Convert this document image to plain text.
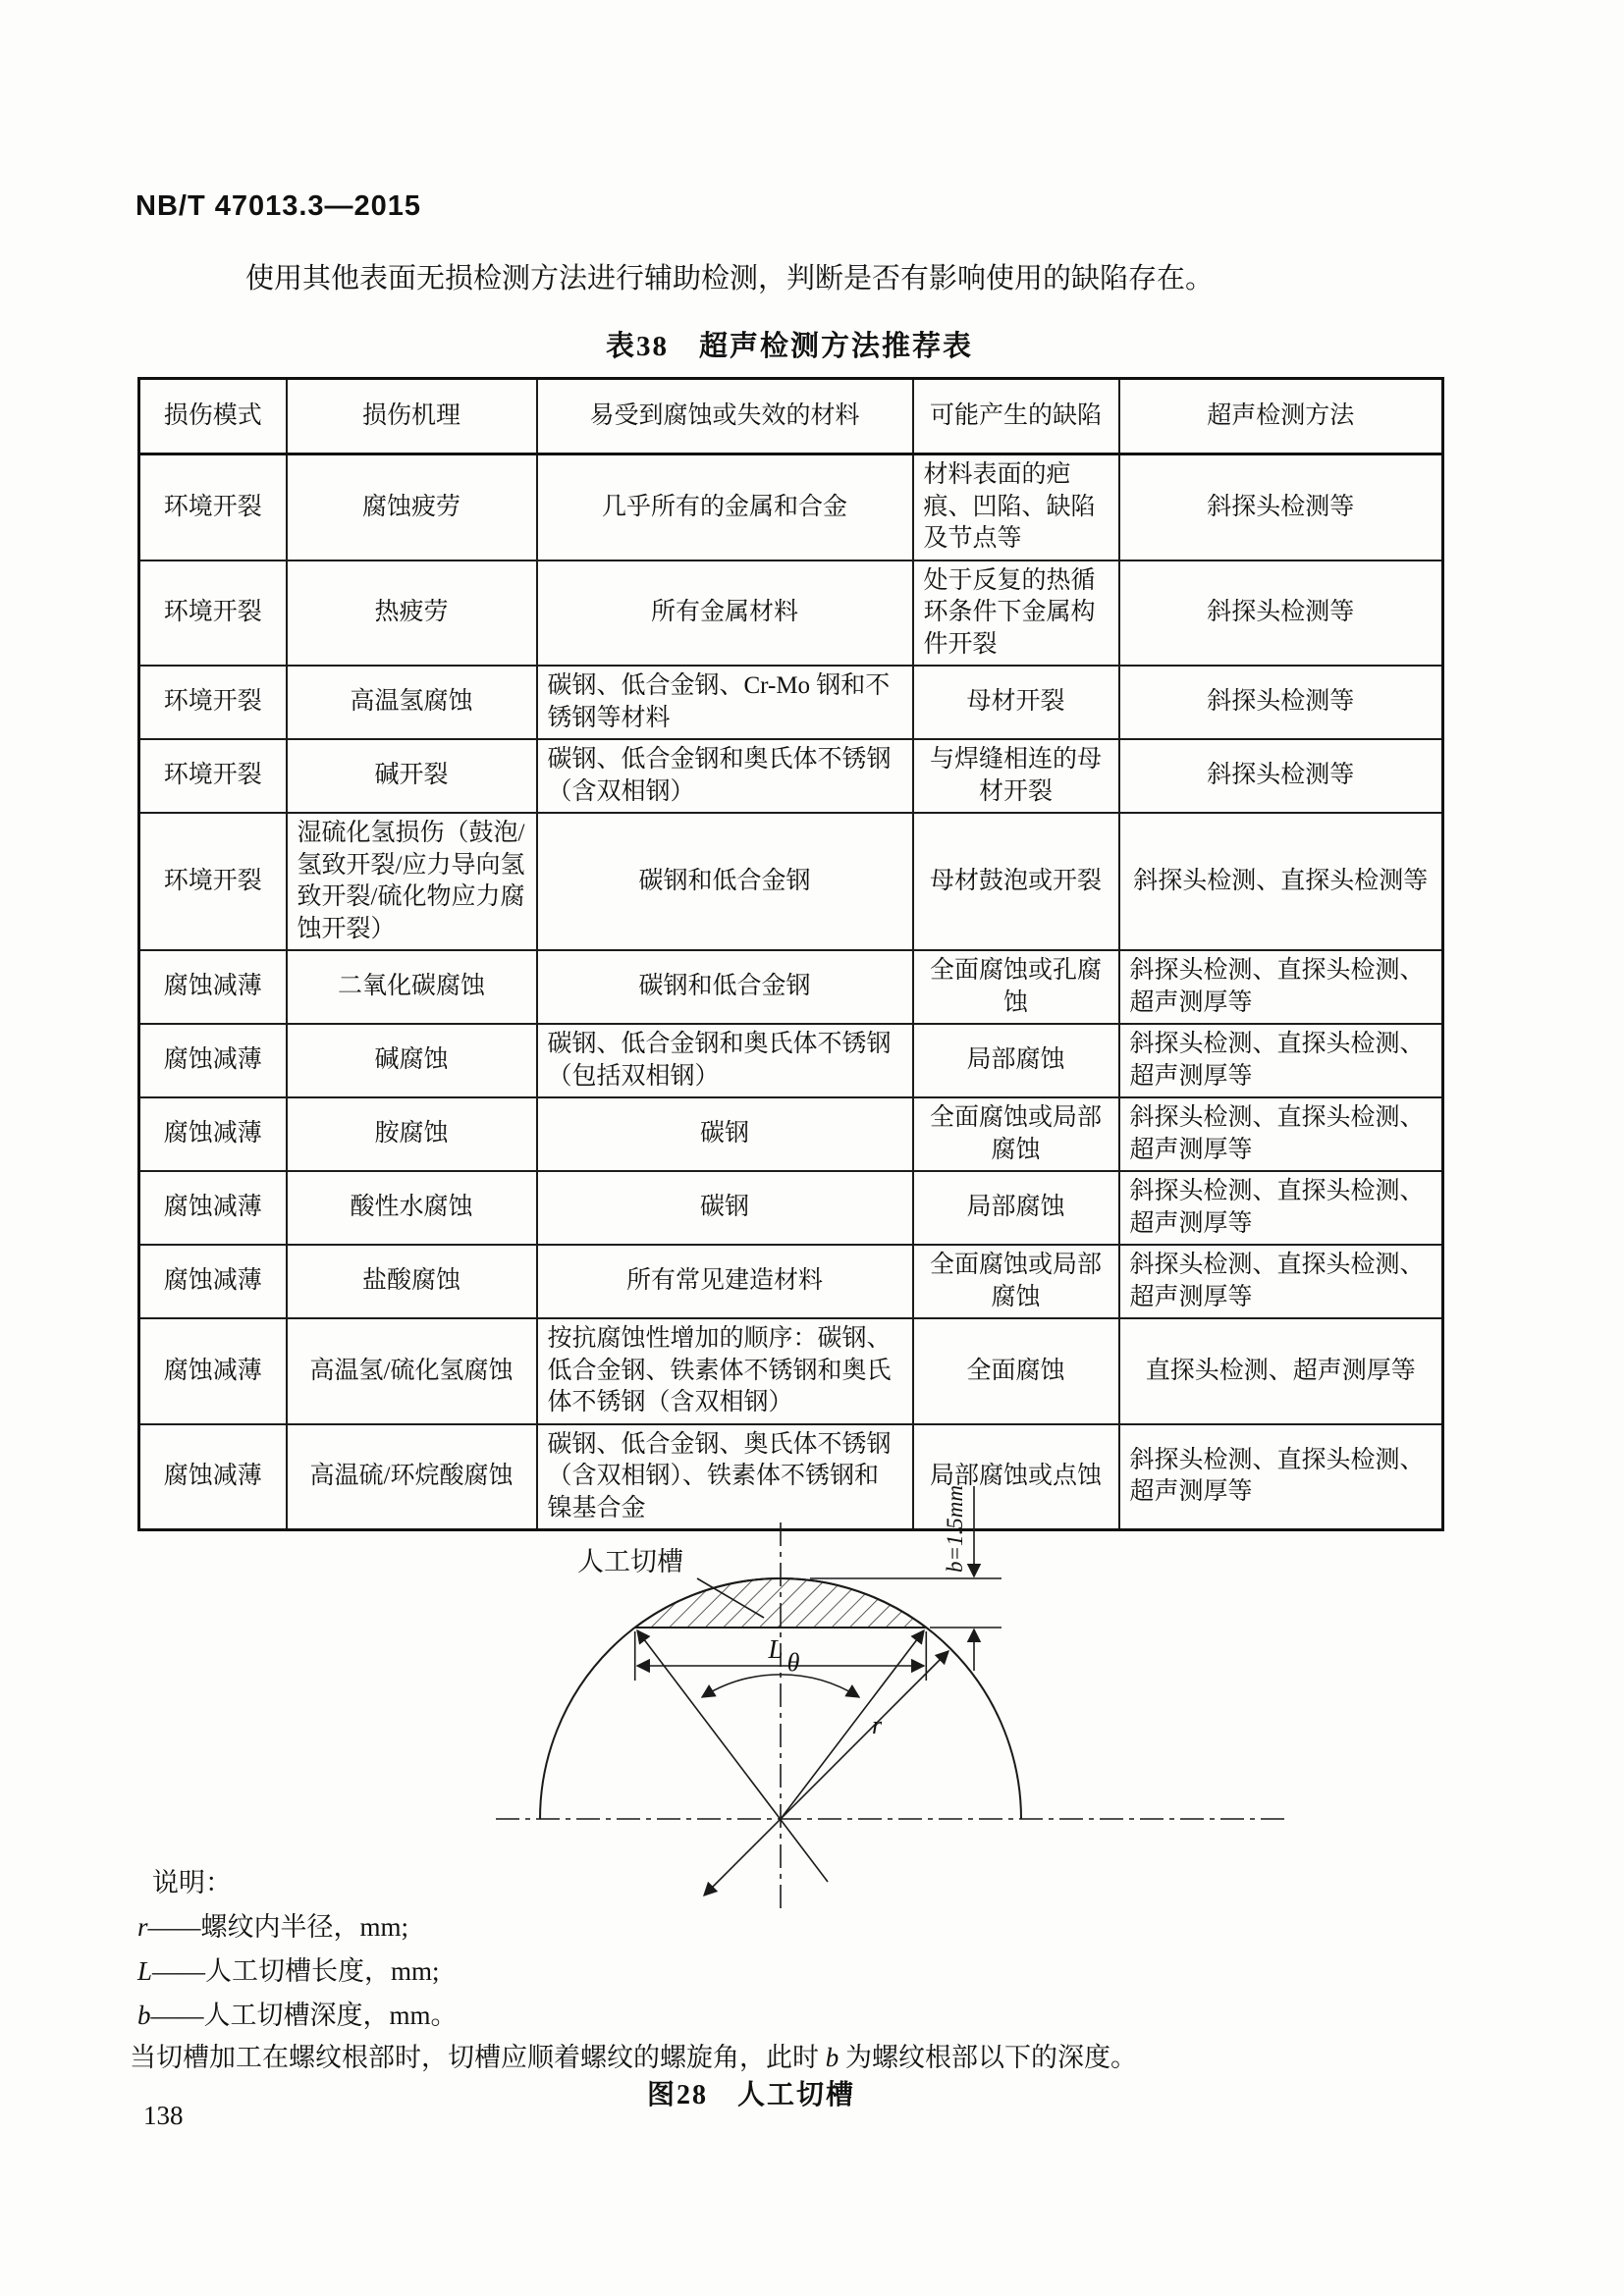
NB/T 47013.3—2015

使用其他表面无损检测方法进行辅助检测，判断是否有影响使用的缺陷存在。

表38　超声检测方法推荐表
损伤模式	损伤机理	易受到腐蚀或失效的材料	可能产生的缺陷	超声检测方法
环境开裂	腐蚀疲劳	几乎所有的金属和合金	材料表面的疤痕、凹陷、缺陷及节点等	斜探头检测等
环境开裂	热疲劳	所有金属材料	处于反复的热循环条件下金属构件开裂	斜探头检测等
环境开裂	高温氢腐蚀	碳钢、低合金钢、Cr-Mo 钢和不锈钢等材料	母材开裂	斜探头检测等
环境开裂	碱开裂	碳钢、低合金钢和奥氏体不锈钢（含双相钢）	与焊缝相连的母材开裂	斜探头检测等
环境开裂	湿硫化氢损伤（鼓泡/氢致开裂/应力导向氢致开裂/硫化物应力腐蚀开裂）	碳钢和低合金钢	母材鼓泡或开裂	斜探头检测、直探头检测等
腐蚀减薄	二氧化碳腐蚀	碳钢和低合金钢	全面腐蚀或孔腐蚀	斜探头检测、直探头检测、超声测厚等
腐蚀减薄	碱腐蚀	碳钢、低合金钢和奥氏体不锈钢（包括双相钢）	局部腐蚀	斜探头检测、直探头检测、超声测厚等
腐蚀减薄	胺腐蚀	碳钢	全面腐蚀或局部腐蚀	斜探头检测、直探头检测、超声测厚等
腐蚀减薄	酸性水腐蚀	碳钢	局部腐蚀	斜探头检测、直探头检测、超声测厚等
腐蚀减薄	盐酸腐蚀	所有常见建造材料	全面腐蚀或局部腐蚀	斜探头检测、直探头检测、超声测厚等
腐蚀减薄	高温氢/硫化氢腐蚀	按抗腐蚀性增加的顺序：碳钢、低合金钢、铁素体不锈钢和奥氏体不锈钢（含双相钢）	全面腐蚀	直探头检测、超声测厚等
腐蚀减薄	高温硫/环烷酸腐蚀	碳钢、低合金钢、奥氏体不锈钢（含双相钢）、铁素体不锈钢和镍基合金	局部腐蚀或点蚀	斜探头检测、直探头检测、超声测厚等
人工切槽
L
r
θ
b=1.5mm
说明：
r——螺纹内半径，mm;
L——人工切槽长度，mm;
b——人工切槽深度，mm。
当切槽加工在螺纹根部时，切槽应顺着螺纹的螺旋角，此时 b 为螺纹根部以下的深度。
图28　人工切槽
138
